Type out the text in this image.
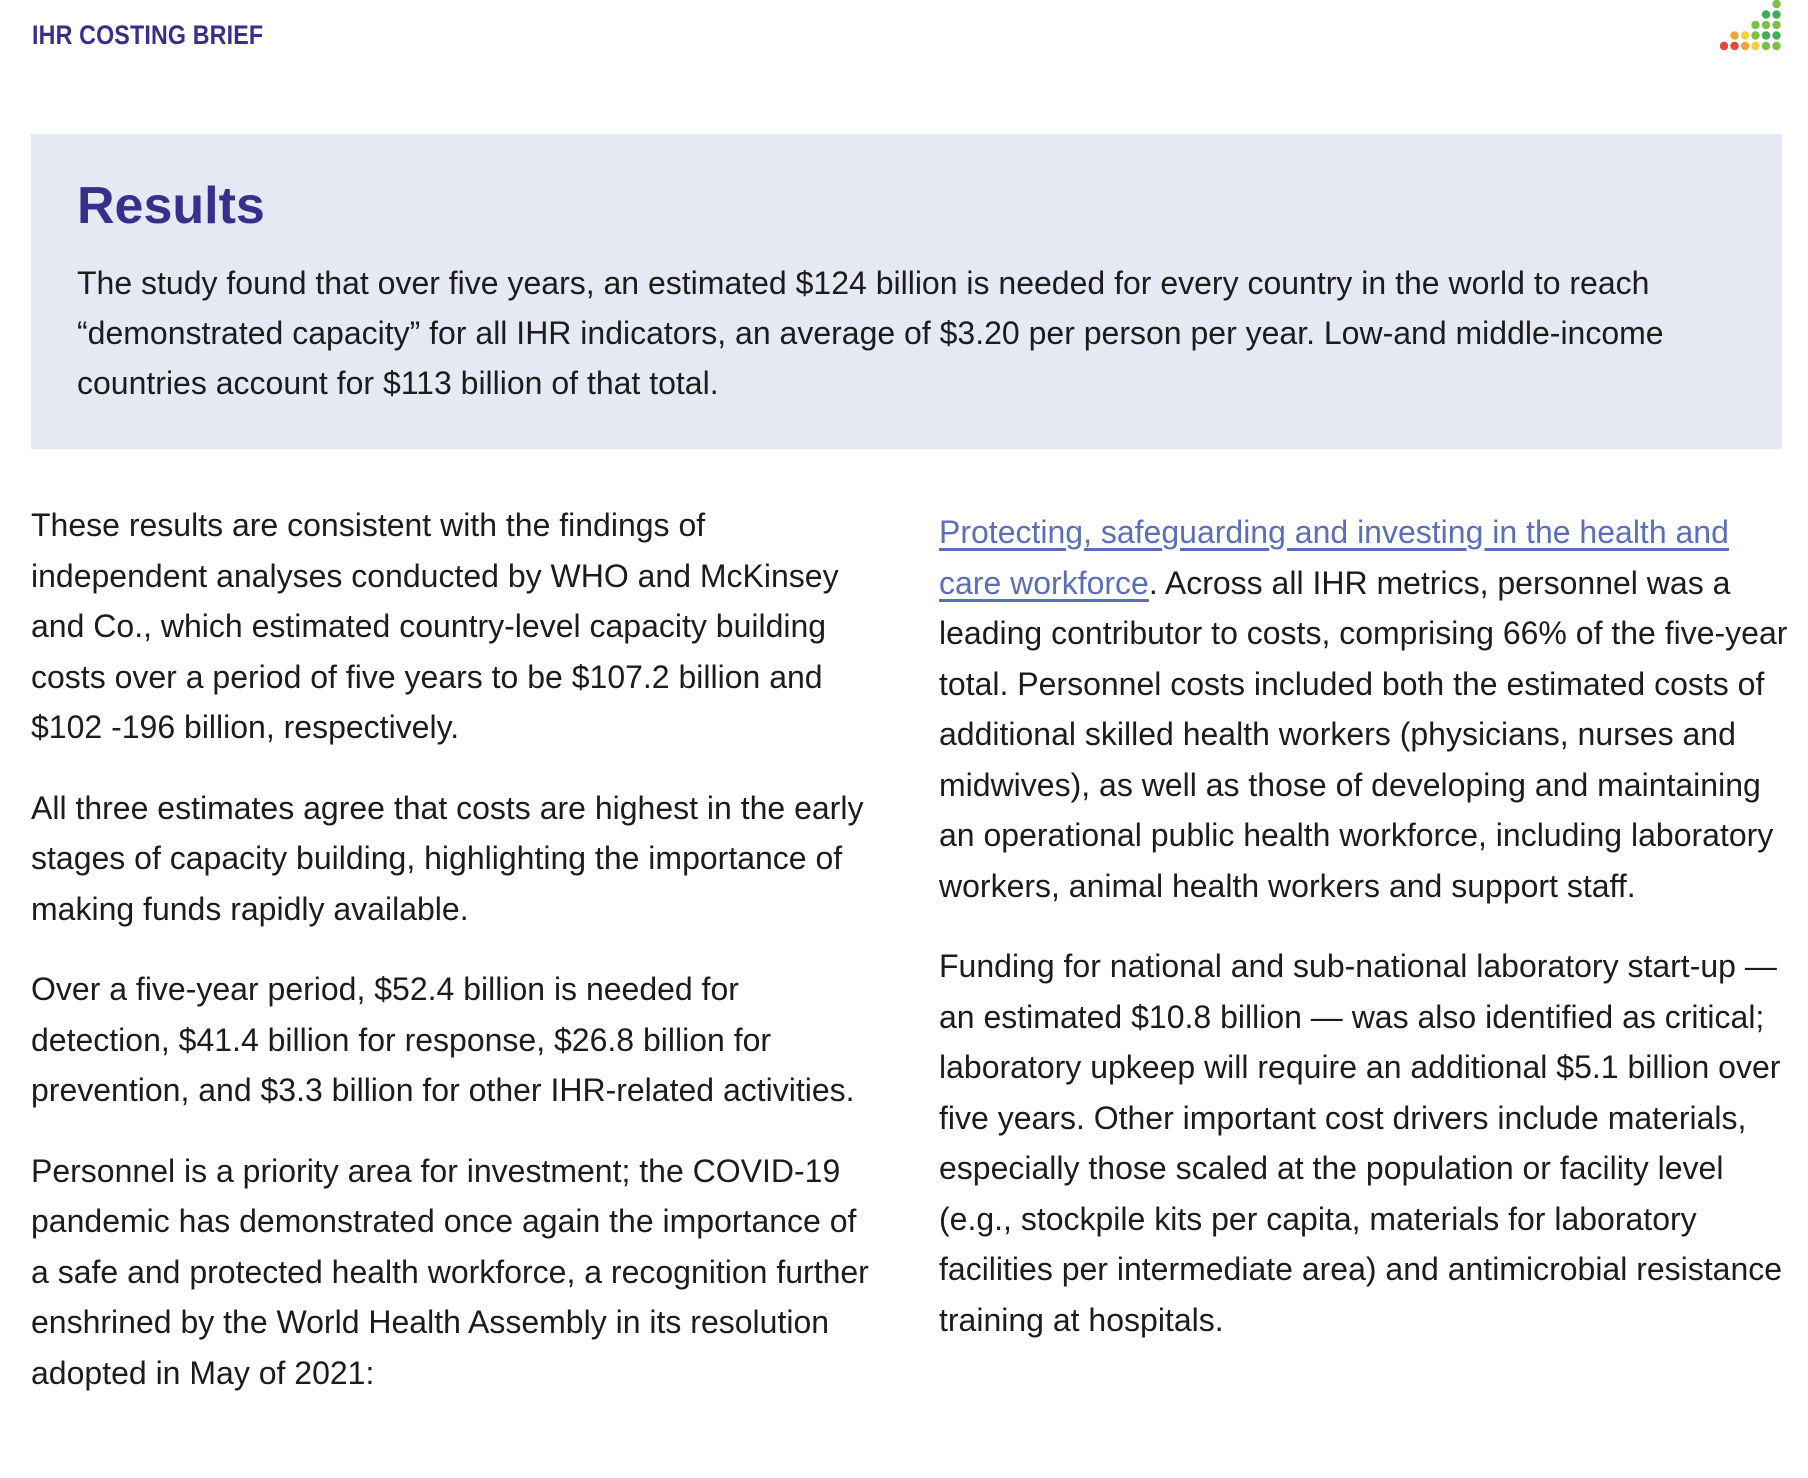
IHR COSTING BRIEF
Results

The study found that over five years, an estimated $124 billion is needed for every country in the world to reach “demonstrated capacity” for all IHR indicators, an average of $3.20 per person per year. Low-and middle-income countries account for $113 billion of that total.

These results are consistent with the findings of independent analyses conducted by WHO and McKinsey and Co., which estimated country-level capacity building costs over a period of five years to be $107.2 billion and $102 -196 billion, respectively.

All three estimates agree that costs are highest in the early stages of capacity building, highlighting the importance of making funds rapidly available.

Over a five-year period, $52.4 billion is needed for detection, $41.4 billion for response, $26.8 billion for prevention, and $3.3 billion for other IHR-related activities.

Personnel is a priority area for investment; the COVID-19 pandemic has demonstrated once again the importance of a safe and protected health workforce, a recognition further enshrined by the World Health Assembly in its resolution adopted in May of 2021:

Protecting, safeguarding and investing in the health and care workforce. Across all IHR metrics, personnel was a leading contributor to costs, comprising 66% of the five-year total. Personnel costs included both the estimated costs of additional skilled health workers (physicians, nurses and midwives), as well as those of developing and maintaining an operational public health workforce, including laboratory workers, animal health workers and support staff.

Funding for national and sub-national laboratory start-up — an estimated $10.8 billion — was also identified as critical; laboratory upkeep will require an additional $5.1 billion over five years. Other important cost drivers include materials, especially those scaled at the population or facility level (e.g., stockpile kits per capita, materials for laboratory facilities per intermediate area) and antimicrobial resistance training at hospitals.
